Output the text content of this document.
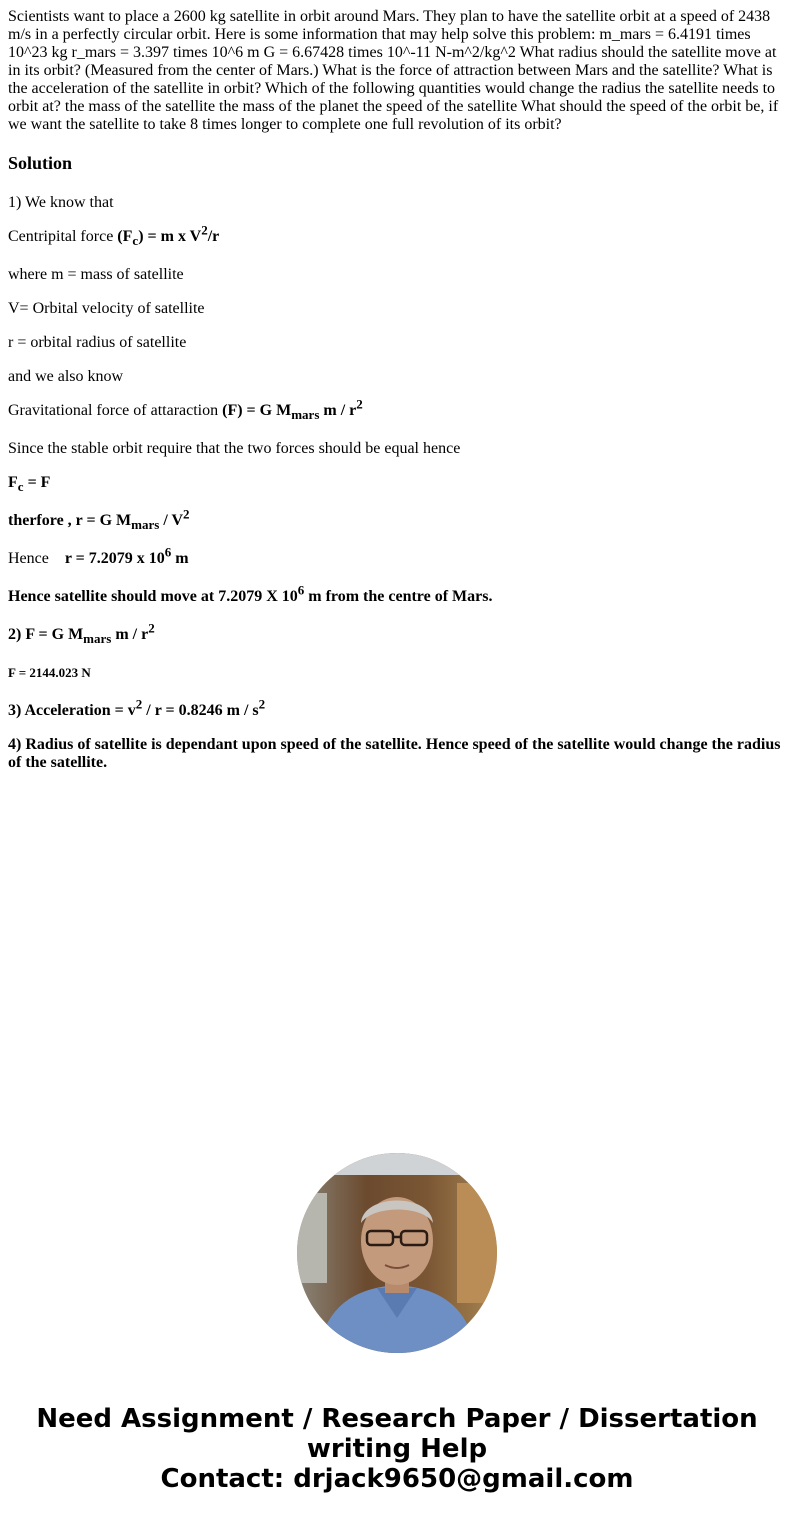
Scientists want to place a 2600 kg satellite in orbit around Mars. They plan to have the satellite orbit at a speed of 2438 m/s in a perfectly circular orbit. Here is some information that may help solve this problem: m_mars = 6.4191 times 10^23 kg r_mars = 3.397 times 10^6 m G = 6.67428 times 10^-11 N-m^2/kg^2 What radius should the satellite move at in its orbit? (Measured from the center of Mars.) What is the force of attraction between Mars and the satellite? What is the acceleration of the satellite in orbit? Which of the following quantities would change the radius the satellite needs to orbit at? the mass of the satellite the mass of the planet the speed of the satellite What should the speed of the orbit be, if we want the satellite to take 8 times longer to complete one full revolution of its orbit?

Solution

1) We know that

Centripital force $(F_c) = m$ x $V^2/r$

where m = mass of satellite

V= Orbital velocity of satellite

r = orbital radius of satellite

and we also know

Gravitational force of attaraction (F) = G $M_{mars}$ m / $r^2$

Since the stable orbit require that the two forces should be equal hence

$F_c = F$

therfore , r = G $M_{mars} / V^2$

Hence r = 7.2079 x $10^6$ m

Hence satellite should move at 7.2079 X $10^6$ m from the centre of Mars.

2) F = G $M_{mars}$ m / $r^2$

F = 2144.023 N

3) Acceleration = $v^2 / r = 0.8246$ m / $s^2$

4) Radius of satellite is dependant upon speed of the satellite. Hence speed of the satellite would change the radius of the satellite.

Need Assignment / Research Paper / Dissertation
writing Help
Contact: drjack9650@gmail.com
